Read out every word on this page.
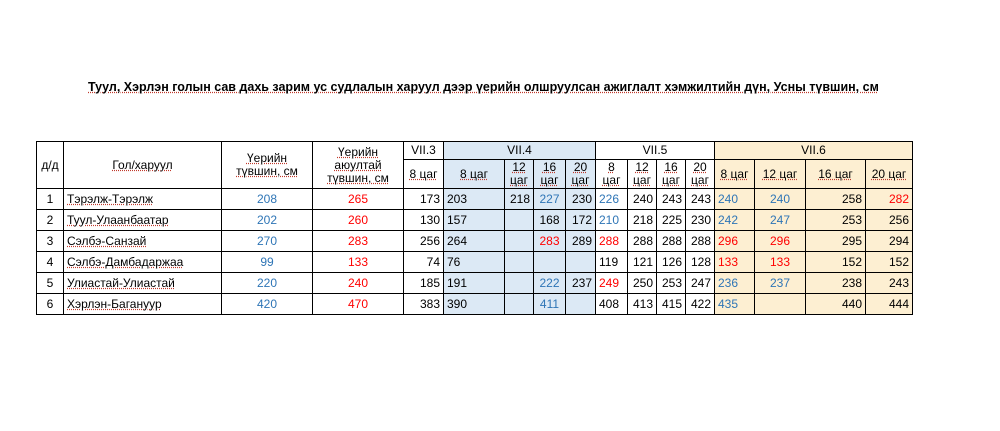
Туул, Хэрлэн голын сав дахь зарим ус судлалын харуул дээр үерийн олшруулсан ажиглалт хэмжилтийн дүн, Усны түвшин, см
д/д	Гол/харуул	Үерийн түвшин, см	Үерийн аюултай түвшин, см	VII.3	VII.4				VII.5				VII.6			
				8 цаг	8 цаг	12 цаг	16 цаг	20 цаг	8 цаг	12 цаг	16 цаг	20 цаг	8 цаг	12 цаг	16 цаг	20 цаг
1	Тэрэлж-Тэрэлж	208	265	173	203	218	227	230	226	240	243	243	240	240	258	282
2	Туул-Улаанбаатар	202	260	130	157		168	172	210	218	225	230	242	247	253	256
3	Сэлбэ-Санзай	270	283	256	264		283	289	288	288	288	288	296	296	295	294
4	Сэлбэ-Дамбадаржаа	99	133	74	76				119	121	126	128	133	133	152	152
5	Улиастай-Улиастай	220	240	185	191		222	237	249	250	253	247	236	237	238	243
6	Хэрлэн-Багануур	420	470	383	390		411		408	413	415	422	435		440	444
